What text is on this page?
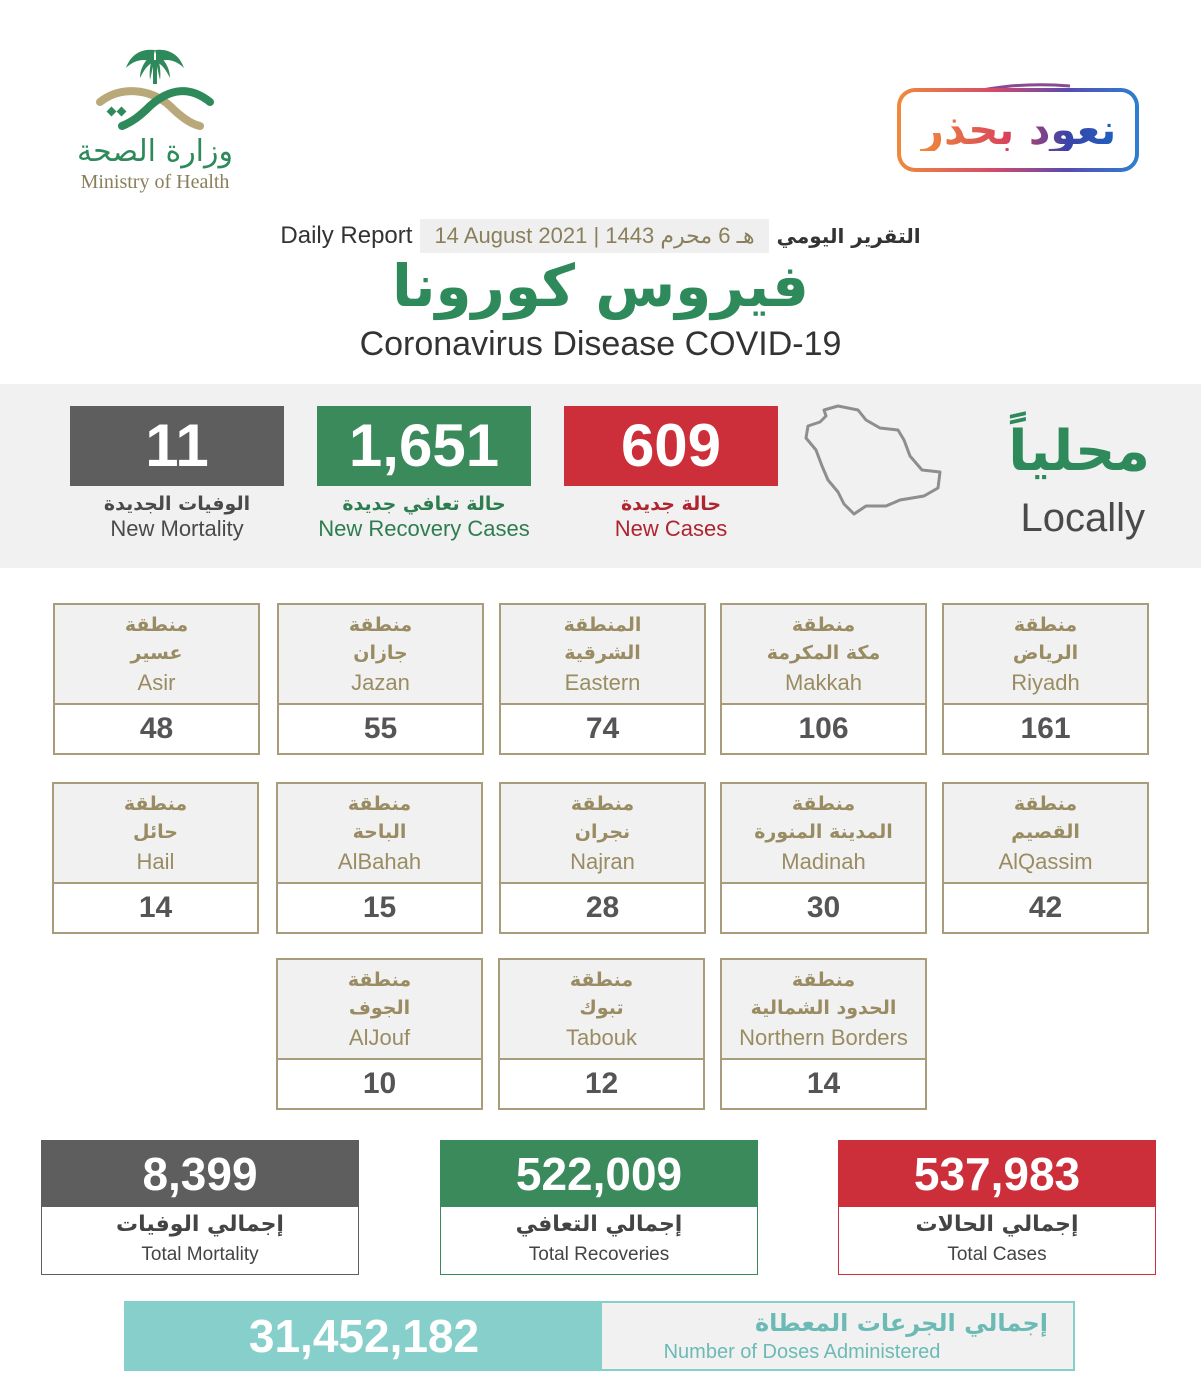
وزارة الصحة
Ministry of Health
نعود بحذر
Daily Report	14 August 2021 | 1443 هـ 6 محرم	التقرير اليومي
فيروس كورونا
Coronavirus Disease COVID-19
11
الوفيات الجديدة
New Mortality
1,651
حالة تعافي جديدة
New Recovery Cases
609
حالة جديدة
New Cases
محلياً
Locally
منطقة
الرياض
Riyadh
161
منطقة
مكة المكرمة
Makkah
106
المنطقة
الشرقية
Eastern
74
منطقة
جازان
Jazan
55
منطقة
عسير
Asir
48
منطقة
القصيم
AlQassim
42
منطقة
المدينة المنورة
Madinah
30
منطقة
نجران
Najran
28
منطقة
الباحة
AlBahah
15
منطقة
حائل
Hail
14
منطقة
الحدود الشمالية
Northern Borders
14
منطقة
تبوك
Tabouk
12
منطقة
الجوف
AlJouf
10
8,399
إجمالي الوفيات
Total Mortality
522,009
إجمالي التعافي
Total Recoveries
537,983
إجمالي الحالات
Total Cases
31,452,182	إجمالي الجرعات المعطاة
Number of Doses Administered
